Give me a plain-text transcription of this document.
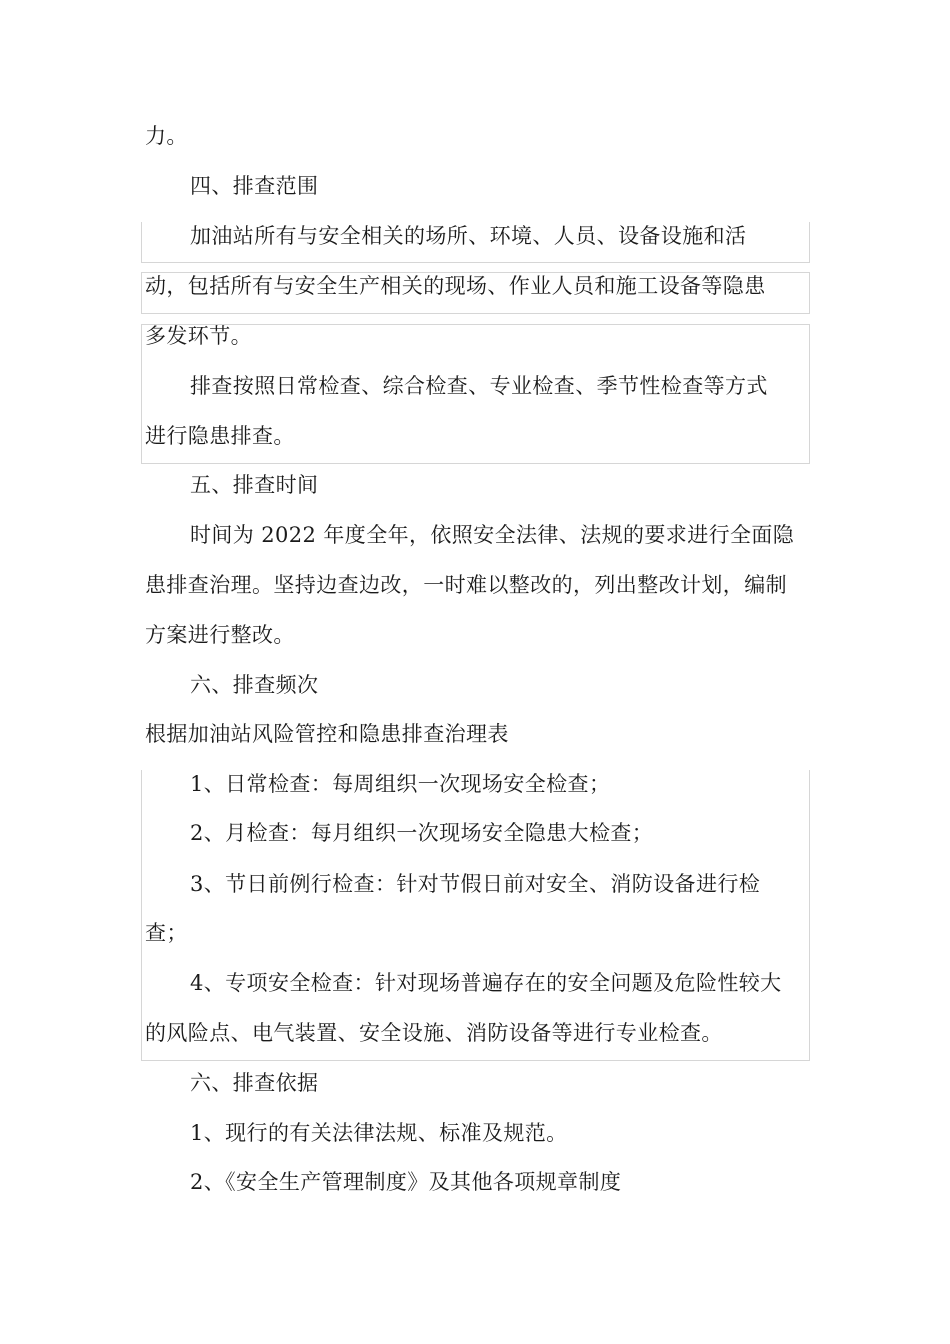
力。
四、排查范围
加油站所有与安全相关的场所、环境、人员、设备设施和活
动，包括所有与安全生产相关的现场、作业人员和施工设备等隐患
多发环节。
排查按照日常检查、综合检查、专业检查、季节性检查等方式
进行隐患排查。
五、排查时间
时间为 2022 年度全年，依照安全法律、法规的要求进行全面隐
患排查治理。坚持边查边改，一时难以整改的，列出整改计划，编制
方案进行整改。
六、排查频次
根据加油站风险管控和隐患排查治理表
1、日常检查：每周组织一次现场安全检查；
2、月检查：每月组织一次现场安全隐患大检查；
3、节日前例行检查：针对节假日前对安全、消防设备进行检
查；
4、专项安全检查：针对现场普遍存在的安全问题及危险性较大
的风险点、电气装置、安全设施、消防设备等进行专业检查。
六、排查依据
1、现行的有关法律法规、标准及规范。
2、《安全生产管理制度》及其他各项规章制度
